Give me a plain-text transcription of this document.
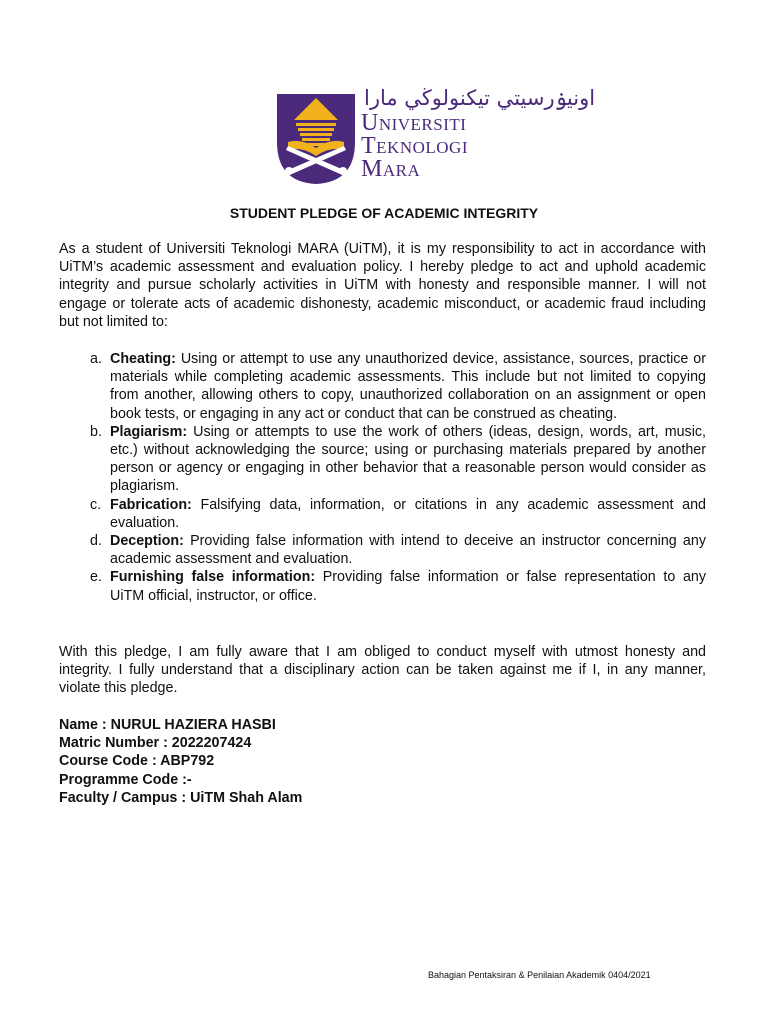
اونيۏرسيتي تيكنولوڬي مارا
Universiti
Teknologi
Mara
STUDENT PLEDGE OF ACADEMIC INTEGRITY

As a student of Universiti Teknologi MARA (UiTM), it is my responsibility to act in accordance with UiTM’s academic assessment and evaluation policy. I hereby pledge to act and uphold academic integrity and pursue scholarly activities in UiTM with honesty and responsible manner. I will not engage or tolerate acts of academic dishonesty, academic misconduct, or academic fraud including but not limited to:

a. Cheating: Using or attempt to use any unauthorized device, assistance, sources, practice or materials while completing academic assessments. This include but not limited to copying from another, allowing others to copy, unauthorized collaboration on an assignment or open book tests, or engaging in any act or conduct that can be construed as cheating.
b. Plagiarism: Using or attempts to use the work of others (ideas, design, words, art, music, etc.) without acknowledging the source; using or purchasing materials prepared by another person or agency or engaging in other behavior that a reasonable person would consider as plagiarism.
c. Fabrication: Falsifying data, information, or citations in any academic assessment and evaluation.
d. Deception: Providing false information with intend to deceive an instructor concerning any academic assessment and evaluation.
e. Furnishing false information: Providing false information or false representation to any UiTM official, instructor, or office.

With this pledge, I am fully aware that I am obliged to conduct myself with utmost honesty and integrity. I fully understand that a disciplinary action can be taken against me if I, in any manner, violate this pledge.

Name : NURUL HAZIERA HASBI
Matric Number : 2022207424
Course Code : ABP792
Programme Code :-
Faculty / Campus : UiTM Shah Alam
Bahagian Pentaksiran & Penilaian Akademik 0404/2021
